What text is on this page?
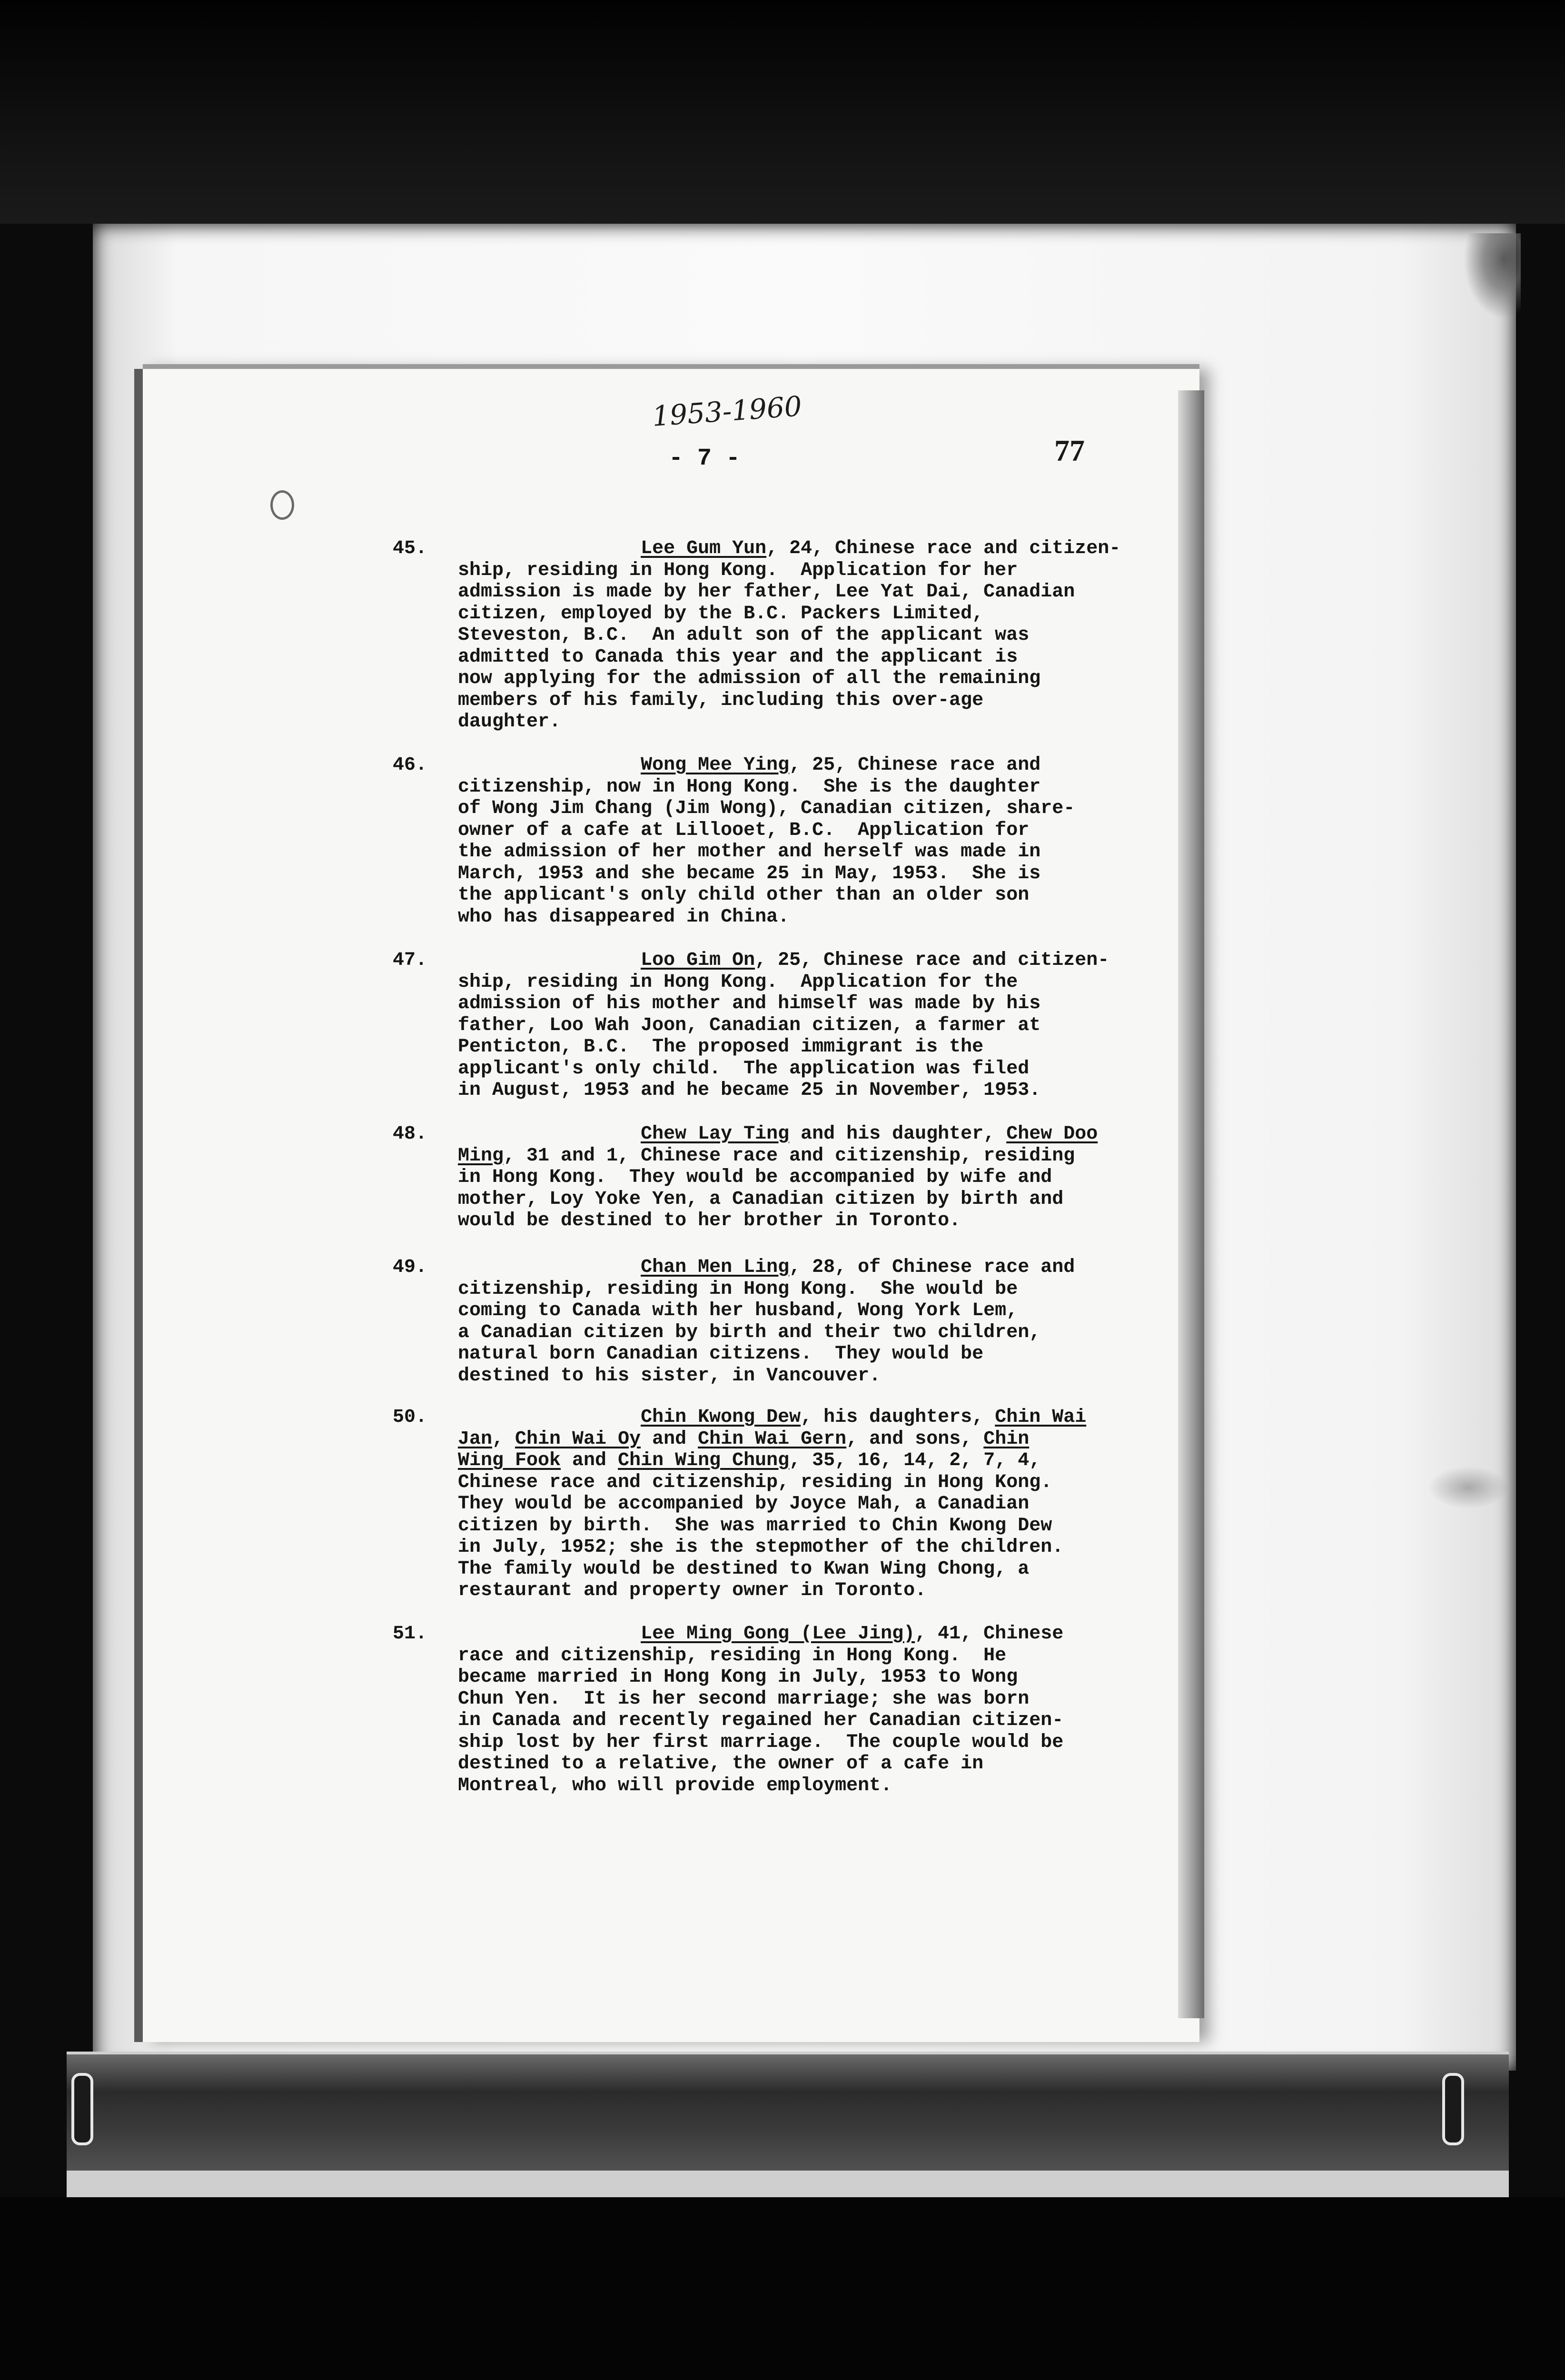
1953-1960
- 7 -	77
45.	Lee Gum Yun, 24, Chinese race and citizen-
ship, residing in Hong Kong.  Application for her
admission is made by her father, Lee Yat Dai, Canadian
citizen, employed by the B.C. Packers Limited,
Steveston, B.C.  An adult son of the applicant was
admitted to Canada this year and the applicant is
now applying for the admission of all the remaining
members of his family, including this over-age
daughter.
46.	Wong Mee Ying, 25, Chinese race and
citizenship, now in Hong Kong.  She is the daughter
of Wong Jim Chang (Jim Wong), Canadian citizen, share-
owner of a cafe at Lillooet, B.C.  Application for
the admission of her mother and herself was made in
March, 1953 and she became 25 in May, 1953.  She is
the applicant's only child other than an older son
who has disappeared in China.
47.	Loo Gim On, 25, Chinese race and citizen-
ship, residing in Hong Kong.  Application for the
admission of his mother and himself was made by his
father, Loo Wah Joon, Canadian citizen, a farmer at
Penticton, B.C.  The proposed immigrant is the
applicant's only child.  The application was filed
in August, 1953 and he became 25 in November, 1953.
48.	Chew Lay Ting and his daughter, Chew Doo
Ming, 31 and 1, Chinese race and citizenship, residing
in Hong Kong.  They would be accompanied by wife and
mother, Loy Yoke Yen, a Canadian citizen by birth and
would be destined to her brother in Toronto.
49.	Chan Men Ling, 28, of Chinese race and
citizenship, residing in Hong Kong.  She would be
coming to Canada with her husband, Wong York Lem,
a Canadian citizen by birth and their two children,
natural born Canadian citizens.  They would be
destined to his sister, in Vancouver.
50.	Chin Kwong Dew, his daughters, Chin Wai
Jan, Chin Wai Oy and Chin Wai Gern, and sons, Chin
Wing Fook and Chin Wing Chung, 35, 16, 14, 2, 7, 4,
Chinese race and citizenship, residing in Hong Kong.
They would be accompanied by Joyce Mah, a Canadian
citizen by birth.  She was married to Chin Kwong Dew
in July, 1952; she is the stepmother of the children.
The family would be destined to Kwan Wing Chong, a
restaurant and property owner in Toronto.
51.	Lee Ming Gong (Lee Jing), 41, Chinese
race and citizenship, residing in Hong Kong.  He
became married in Hong Kong in July, 1953 to Wong
Chun Yen.  It is her second marriage; she was born
in Canada and recently regained her Canadian citizen-
ship lost by her first marriage.  The couple would be
destined to a relative, the owner of a cafe in
Montreal, who will provide employment.
